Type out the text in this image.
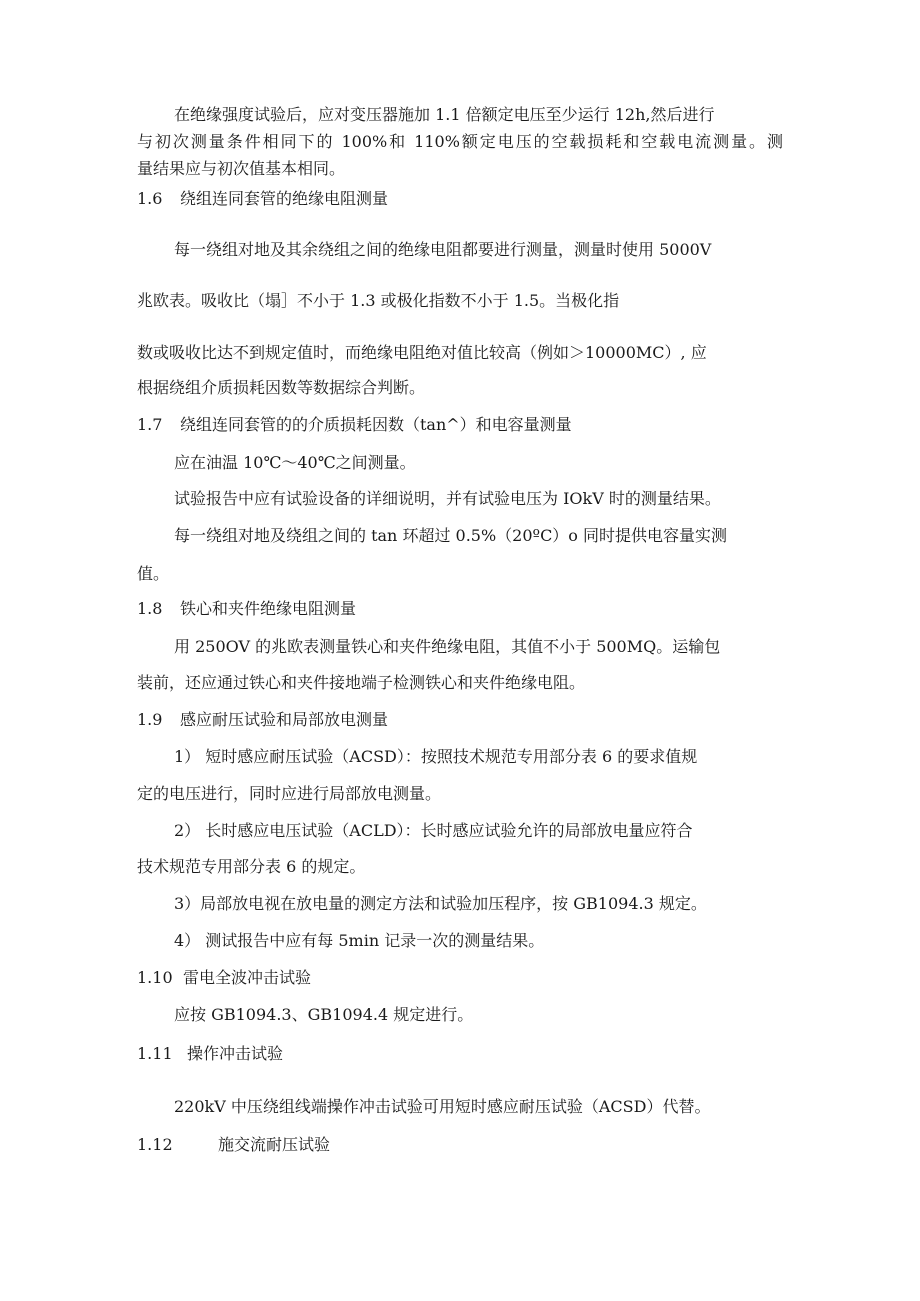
在绝缘强度试验后，应对变压器施加 1.1 倍额定电压至少运行 12h,然后进行
与初次测量条件相同下的 100%和 110%额定电压的空载损耗和空载电流测量。测
量结果应与初次值基本相同。
1.6 绕组连同套管的绝缘电阻测量
每一绕组对地及其余绕组之间的绝缘电阻都要进行测量，测量时使用 5000V
兆欧表。吸收比（塌］不小于 1.3 或极化指数不小于 1.5。当极化指
数或吸收比达不到规定值时，而绝缘电阻绝对值比较高（例如＞10000MC）, 应
根据绕组介质损耗因数等数据综合判断。
1.7 绕组连同套管的的介质损耗因数（tan^）和电容量测量
应在油温 10℃～40℃之间测量。
试验报告中应有试验设备的详细说明，并有试验电压为 IOkV 时的测量结果。
每一绕组对地及绕组之间的 tan 环超过 0.5%（20ºC）o 同时提供电容量实测
值。
1.8 铁心和夹件绝缘电阻测量
用 250OV 的兆欧表测量铁心和夹件绝缘电阻，其值不小于 500MQ。运输包
装前，还应通过铁心和夹件接地端子检测铁心和夹件绝缘电阻。
1.9 感应耐压试验和局部放电测量
1） 短时感应耐压试验（ACSD）：按照技术规范专用部分表 6 的要求值规
定的电压进行，同时应进行局部放电测量。
2） 长时感应电压试验（ACLD）：长时感应试验允许的局部放电量应符合
技术规范专用部分表 6 的规定。
3）局部放电视在放电量的测定方法和试验加压程序，按 GB1094.3 规定。
4） 测试报告中应有每 5min 记录一次的测量结果。
1.10 雷电全波冲击试验
应按 GB1094.3、GB1094.4 规定进行。
1.11 操作冲击试验
220kV 中压绕组线端操作冲击试验可用短时感应耐压试验（ACSD）代替。
1.12	施交流耐压试验
